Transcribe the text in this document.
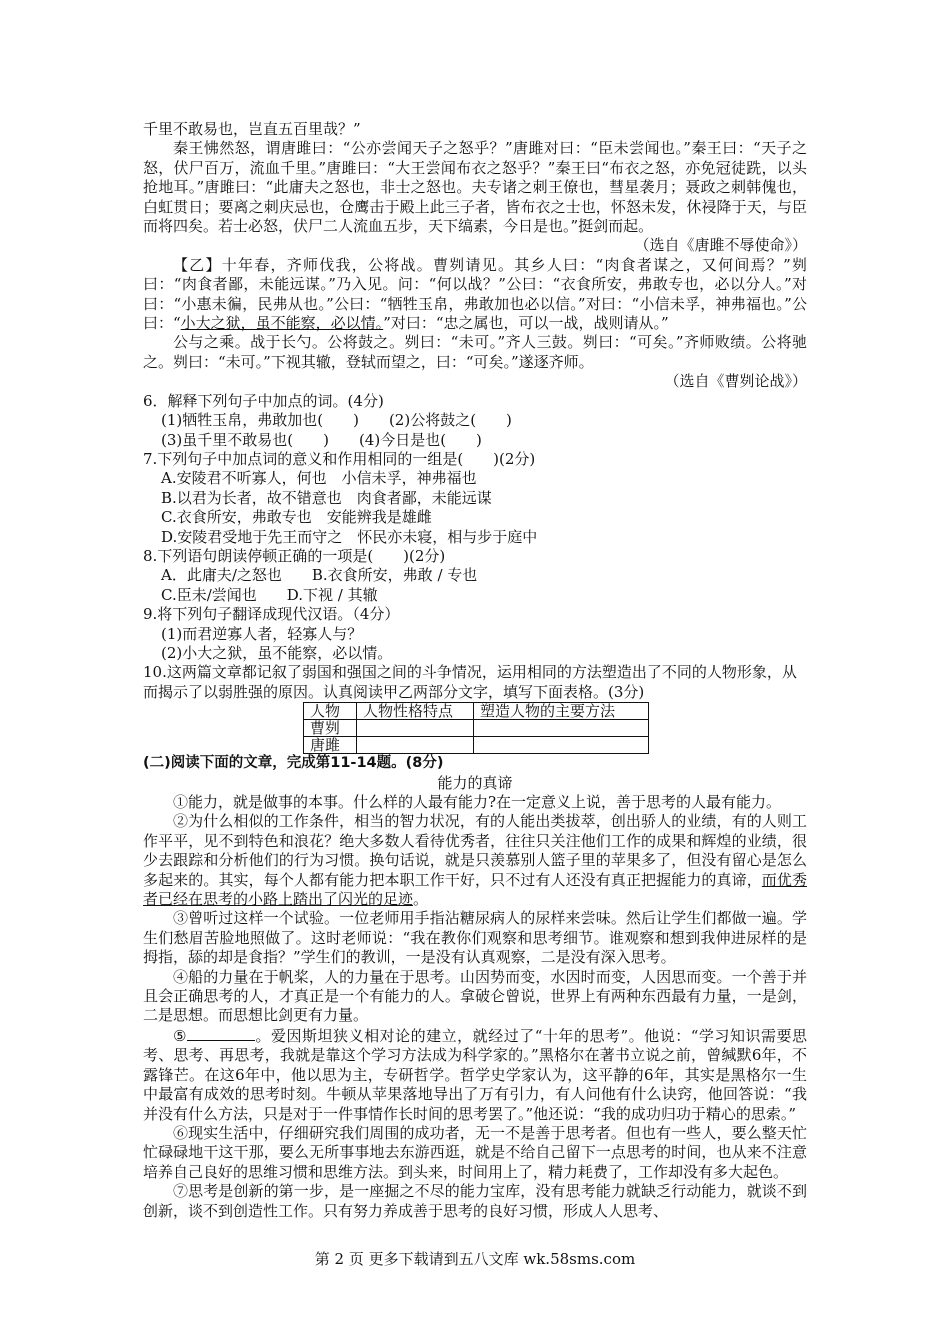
千里不敢易也，岂直五百里哉？”

秦王怫然怒，谓唐雎曰：“公亦尝闻天子之怒乎？”唐雎对曰：“臣未尝闻也。”秦王曰：“天子之怒，伏尸百万，流血千里。”唐雎曰：“大王尝闻布衣之怒乎？”秦王曰“布衣之怒，亦免冠徒跣，以头抢地耳。”唐雎曰：“此庸夫之怒也，非士之怒也。夫专诸之刺王僚也，彗星袭月；聂政之刺韩傀也，白虹贯日；要离之刺庆忌也，仓鹰击于殿上此三子者，皆布衣之士也，怀怒未发，休祲降于天，与臣而将四矣。若士必怒，伏尸二人流血五步，天下缟素，今日是也。”挺剑而起。

（选自《唐雎不辱使命》）

【乙】十年春，齐师伐我，公将战。曹刿请见。其乡人曰：“肉食者谋之，又何间焉？”刿曰：“肉食者鄙，未能远谋。”乃入见。问：“何以战？”公曰：“衣食所安，弗敢专也，必以分人。”对曰：“小惠未徧，民弗从也。”公曰：“牺牲玉帛，弗敢加也必以信。”对曰：“小信未孚，神弗福也。”公曰：“小大之狱，虽不能察，必以情。”对曰：“忠之属也，可以一战，战则请从。”

公与之乘。战于长勺。公将鼓之。刿曰：“未可。”齐人三鼓。刿曰：“可矣。”齐师败绩。公将驰之。刿曰：“未可。”下视其辙，登轼而望之，曰：“可矣。”遂逐齐师。

（选自《曹刿论战》）

6．解释下列句子中加点的词。(4分)

(1)牺牲玉帛，弗敢加也(　　)　　(2)公将鼓之(　　)

(3)虽千里不敢易也(　　)　　(4)今日是也(　　)

7.下列句子中加点词的意义和作用相同的一组是(　　)(2分)

A.安陵君不听寡人，何也　小信未孚，神弗福也

B.以君为长者，故不错意也　肉食者鄙，未能远谋

C.衣食所安，弗敢专也　安能辨我是雄雌

D.安陵君受地于先王而守之　怀民亦未寝，相与步于庭中

8.下列语句朗读停顿正确的一项是(　　)(2分)

A．此庸夫/之怒也　　B.衣食所安，弗敢 / 专也

C.臣未/尝闻也　　D.下视 / 其辙

9.将下列句子翻译成现代汉语。（4分）

(1)而君逆寡人者，轻寡人与？

(2)小大之狱，虽不能察，必以情。

10.这两篇文章都记叙了弱国和强国之间的斗争情况，运用相同的方法塑造出了不同的人物形象，从而揭示了以弱胜强的原因。认真阅读甲乙两部分文字，填写下面表格。(3分)

人物	人物性格特点	塑造人物的主要方法
曹刿		
唐雎		

(二)阅读下面的文章，完成第11-14题。(8分)

能力的真谛

①能力，就是做事的本事。什么样的人最有能力?在一定意义上说，善于思考的人最有能力。

②为什么相似的工作条件，相当的智力状况，有的人能出类拔萃，创出骄人的业绩，有的人则工作平平，见不到特色和浪花？绝大多数人看待优秀者，往往只关注他们工作的成果和辉煌的业绩，很少去跟踪和分析他们的行为习惯。换句话说，就是只羡慕别人篮子里的苹果多了，但没有留心是怎么多起来的。其实，每个人都有能力把本职工作干好，只不过有人还没有真正把握能力的真谛，而优秀者已经在思考的小路上踏出了闪光的足迹。

③曾听过这样一个试验。一位老师用手指沾糖尿病人的尿样来尝味。然后让学生们都做一遍。学生们愁眉苦脸地照做了。这时老师说：“我在教你们观察和思考细节。谁观察和想到我伸进尿样的是拇指，舔的却是食指？”学生们的教训，一是没有认真观察，二是没有深入思考。

④船的力量在于帆桨，人的力量在于思考。山因势而变，水因时而变，人因思而变。一个善于并且会正确思考的人，才真正是一个有能力的人。拿破仑曾说，世界上有两种东西最有力量，一是剑，二是思想。而思想比剑更有力量。

⑤	。爱因斯坦狭义相对论的建立，就经过了“十年的思考”。他说：“学习知识需要思考、思考、再思考，我就是靠这个学习方法成为科学家的。”黑格尔在著书立说之前，曾缄默6年，不露锋芒。在这6年中，他以思为主，专研哲学。哲学史学家认为，这平静的6年，其实是黑格尔一生中最富有成效的思考时刻。牛顿从苹果落地导出了万有引力，有人问他有什么诀窍，他回答说：“我并没有什么方法，只是对于一件事情作长时间的思考罢了。”他还说：“我的成功归功于精心的思索。”

⑥现实生活中，仔细研究我们周围的成功者，无一不是善于思考者。但也有一些人，要么整天忙忙碌碌地干这干那，要么无所事事地去东游西逛，就是不给自己留下一点思考的时间，也从来不注意培养自己良好的思维习惯和思维方法。到头来，时间用上了，精力耗费了，工作却没有多大起色。

⑦思考是创新的第一步，是一座掘之不尽的能力宝库，没有思考能力就缺乏行动能力，就谈不到创新，谈不到创造性工作。只有努力养成善于思考的良好习惯，形成人人思考、

第 2 页 更多下载请到五八文库 wk.58sms.com
